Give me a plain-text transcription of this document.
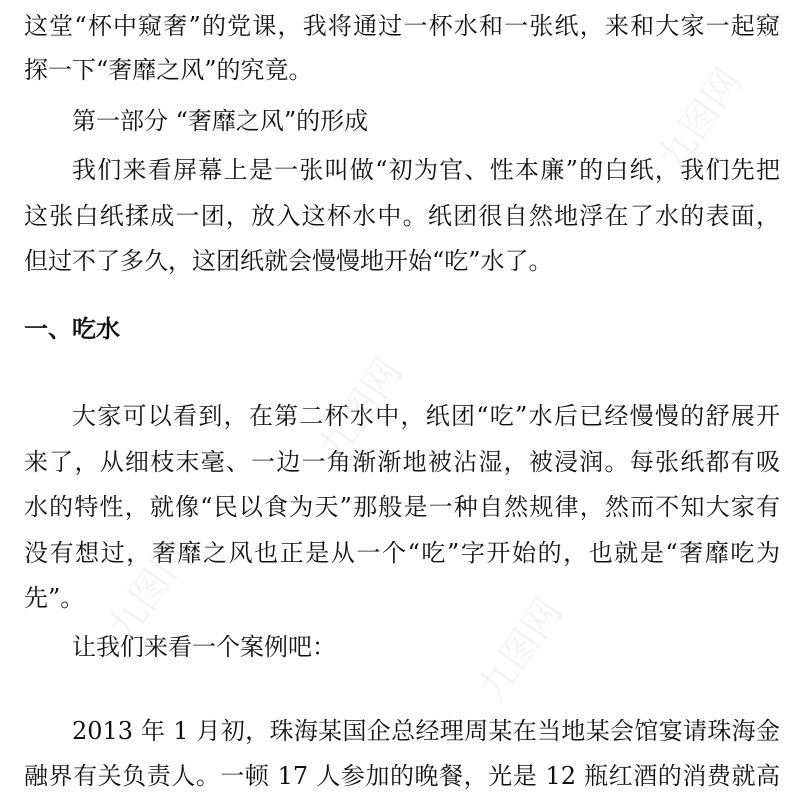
这堂“杯中窥奢”的党课，我将通过一杯水和一张纸，来和大家一起窥
探一下“奢靡之风”的究竟。
第一部分 “奢靡之风”的形成
我们来看屏幕上是一张叫做“初为官、性本廉”的白纸，我们先把
这张白纸揉成一团，放入这杯水中。纸团很自然地浮在了水的表面，
但过不了多久，这团纸就会慢慢地开始“吃”水了。
一、吃水
大家可以看到，在第二杯水中，纸团“吃”水后已经慢慢的舒展开
来了，从细枝末毫、一边一角渐渐地被沾湿，被浸润。每张纸都有吸
水的特性，就像“民以食为天”那般是一种自然规律，然而不知大家有
没有想过，奢靡之风也正是从一个“吃”字开始的，也就是“奢靡吃为
先”。
让我们来看一个案例吧：
2013 年 1 月初，珠海某国企总经理周某在当地某会馆宴请珠海金
融界有关负责人。一顿 17 人参加的晚餐，光是 12 瓶红酒的消费就高
九图网
九图网
九图网
九图网
